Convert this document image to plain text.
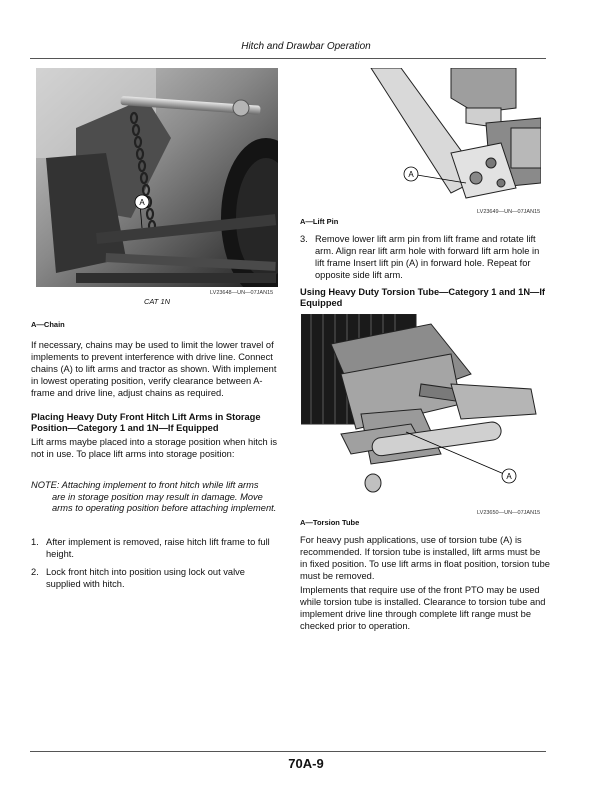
Hitch and Drawbar Operation
A
LV23648—UN—07JAN15
CAT 1N
A—Chain
If necessary, chains may be used to limit the lower travel of implements to prevent interference with drive line. Connect chains (A) to lift arms and tractor as shown. With implement in lowest operating position, verify clearance between A-frame and drive line, adjust chains as required.
Placing Heavy Duty Front Hitch Lift Arms in Storage Position—Category 1 and 1N—If Equipped
Lift arms maybe placed into a storage position when hitch is not in use. To place lift arms into storage position:
NOTE: Attaching implement to front hitch while lift arms
are in storage position may result in damage. Move arms to operating position before attaching implement.
1. After implement is removed, raise hitch lift frame to full height.
2. Lock front hitch into position using lock out valve supplied with hitch.
A
LV23649—UN—07JAN15
A—Lift Pin
3. Remove lower lift arm pin from lift frame and rotate lift arm. Align rear lift arm hole with forward lift arm hole in lift frame Insert lift pin (A) in forward hole. Repeat for opposite side lift arm.
Using Heavy Duty Torsion Tube—Category 1 and 1N—If Equipped
A
LV23650—UN—07JAN15
A—Torsion Tube
For heavy push applications, use of torsion tube (A) is recommended. If torsion tube is installed, lift arms must be in fixed position. To use lift arms in float position, torsion tube must be removed.
Implements that require use of the front PTO may be used while torsion tube is installed. Clearance to torsion tube and implement drive line through complete lift range must be checked prior to operation.
70A-9
